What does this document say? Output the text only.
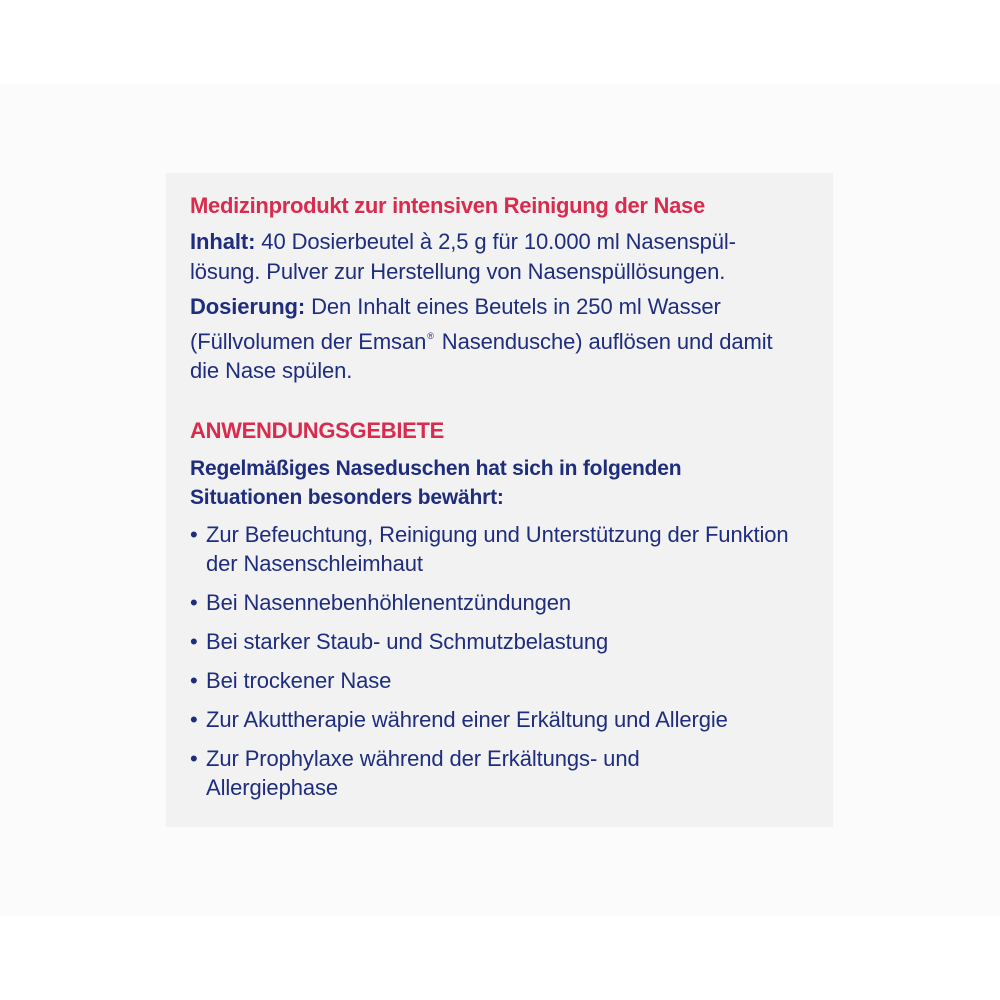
Medizinprodukt zur intensiven Reinigung der Nase

Inhalt: 40 Dosierbeutel à 2,5 g für 10.000 ml Nasenspül-
lösung. Pulver zur Herstellung von Nasenspüllösungen.

Dosierung: Den Inhalt eines Beutels in 250 ml Wasser (Füllvolumen der Emsan® Nasendusche) auflösen und damit die Nase spülen.

ANWENDUNGSGEBIETE

Regelmäßiges Naseduschen hat sich in folgenden Situationen besonders bewährt:

• Zur Befeuchtung, Reinigung und Unterstützung der Funktion der Nasenschleimhaut
• Bei Nasennebenhöhlenentzündungen
• Bei starker Staub- und Schmutzbelastung
• Bei trockener Nase
• Zur Akuttherapie während einer Erkältung und Allergie
• Zur Prophylaxe während der Erkältungs- und Allergiephase
